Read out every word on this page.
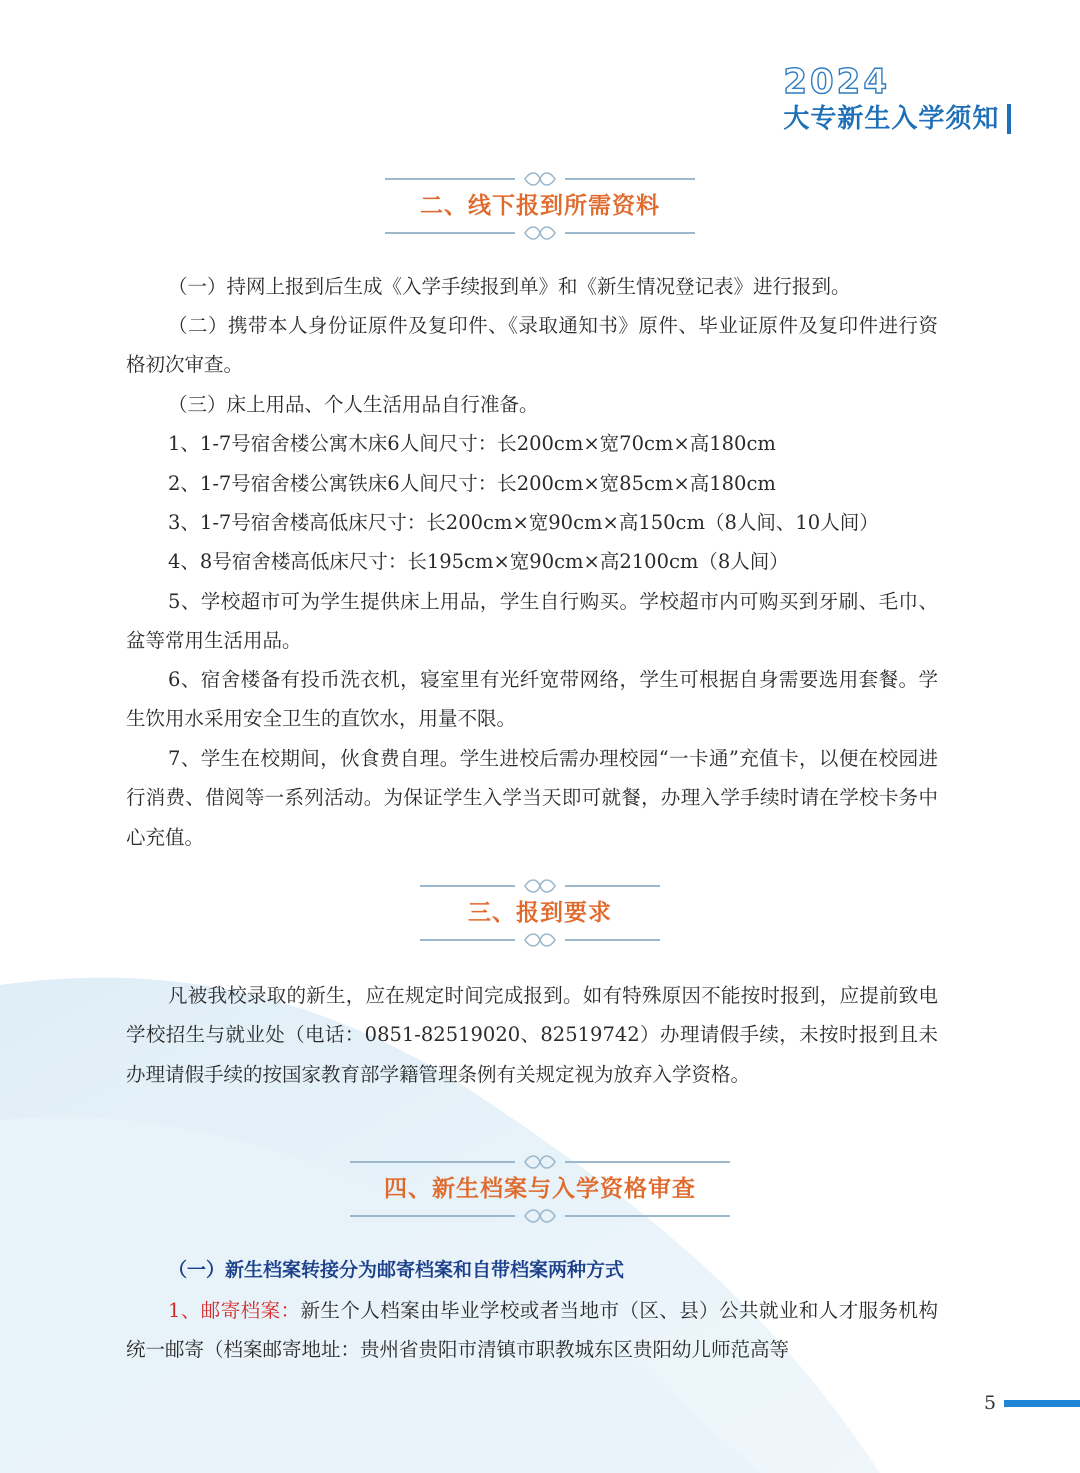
2024
大专新生入学须知
二、线下报到所需资料

（一）持网上报到后生成《入学手续报到单》和《新生情况登记表》进行报到。

（二）携带本人身份证原件及复印件、《录取通知书》原件、毕业证原件及复印件进行资格初次审查。

（三）床上用品、个人生活用品自行准备。

1、1-7号宿舍楼公寓木床6人间尺寸：长200cm×宽70cm×高180cm

2、1-7号宿舍楼公寓铁床6人间尺寸：长200cm×宽85cm×高180cm

3、1-7号宿舍楼高低床尺寸：长200cm×宽90cm×高150cm（8人间、10人间）

4、8号宿舍楼高低床尺寸：长195cm×宽90cm×高2100cm（8人间）

5、学校超市可为学生提供床上用品，学生自行购买。学校超市内可购买到牙刷、毛巾、盆等常用生活用品。

6、宿舍楼备有投币洗衣机，寝室里有光纤宽带网络，学生可根据自身需要选用套餐。学生饮用水采用安全卫生的直饮水，用量不限。

7、学生在校期间，伙食费自理。学生进校后需办理校园“一卡通”充值卡，以便在校园进行消费、借阅等一系列活动。为保证学生入学当天即可就餐，办理入学手续时请在学校卡务中心充值。

三、报到要求

凡被我校录取的新生，应在规定时间完成报到。如有特殊原因不能按时报到，应提前致电学校招生与就业处（电话：0851-82519020、82519742）办理请假手续，未按时报到且未办理请假手续的按国家教育部学籍管理条例有关规定视为放弃入学资格。

四、新生档案与入学资格审查
（一）新生档案转接分为邮寄档案和自带档案两种方式

1、邮寄档案：新生个人档案由毕业学校或者当地市（区、县）公共就业和人才服务机构统一邮寄（档案邮寄地址：贵州省贵阳市清镇市职教城东区贵阳幼儿师范高等

5
